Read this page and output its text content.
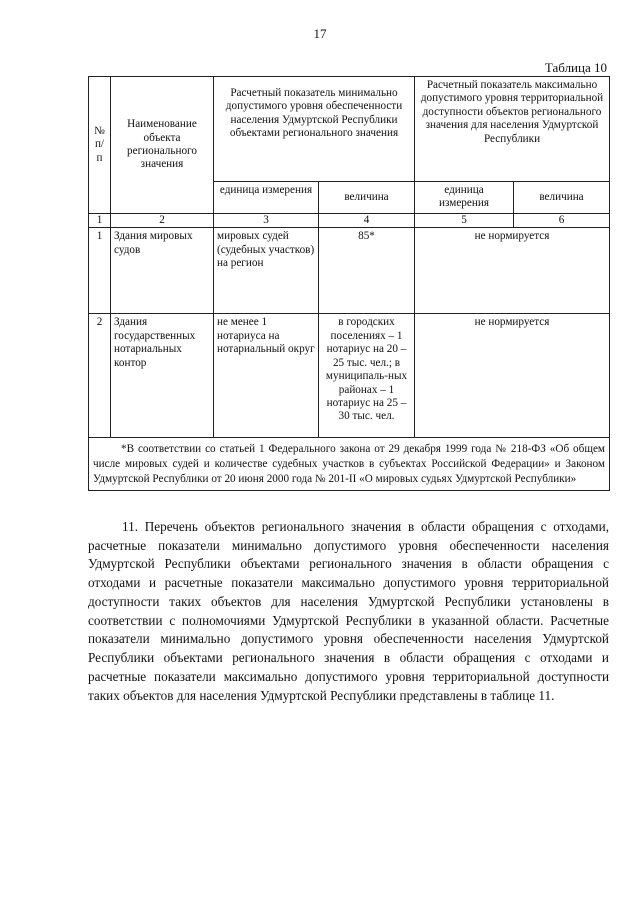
17
Таблица 10
№ п/п	Наименование объекта регионального значения	Расчетный показатель минимально допустимого уровня обеспеченности населения Удмуртской Республики объектами регионального значения		Расчетный показатель максимально допустимого уровня территориальной доступности объектов регионального значения для населения Удмуртской Республики	
		единица измерения	величина	единица измерения	величина
1	2	3	4	5	6
1	Здания мировых судов	мировых судей (судебных участков) на регион	85*	не нормируется	
2	Здания государственных нотариальных контор	не менее 1 нотариуса на нотариальный округ	в городских поселениях – 1 нотариус на 20 – 25 тыс. чел.; в муниципаль-ных районах – 1 нотариус на 25 – 30 тыс. чел.	не нормируется	

*В соответствии со статьей 1 Федерального закона от 29 декабря 1999 года № 218-ФЗ «Об общем числе мировых судей и количестве судебных участков в субъектах Российской Федерации» и Законом Удмуртской Республики от 20 июня 2000 года № 201-II «О мировых судьях Удмуртской Республики»					
11. Перечень объектов регионального значения в области обращения с отходами, расчетные показатели минимально допустимого уровня обеспеченности населения Удмуртской Республики объектами регионального значения в области обращения с отходами и расчетные показатели максимально допустимого уровня территориальной доступности таких объектов для населения Удмуртской Республики установлены в соответствии с полномочиями Удмуртской Республики в указанной области. Расчетные показатели минимально допустимого уровня обеспеченности населения Удмуртской Республики объектами регионального значения в области обращения с отходами и расчетные показатели максимально допустимого уровня территориальной доступности таких объектов для населения Удмуртской Республики представлены в таблице 11.
